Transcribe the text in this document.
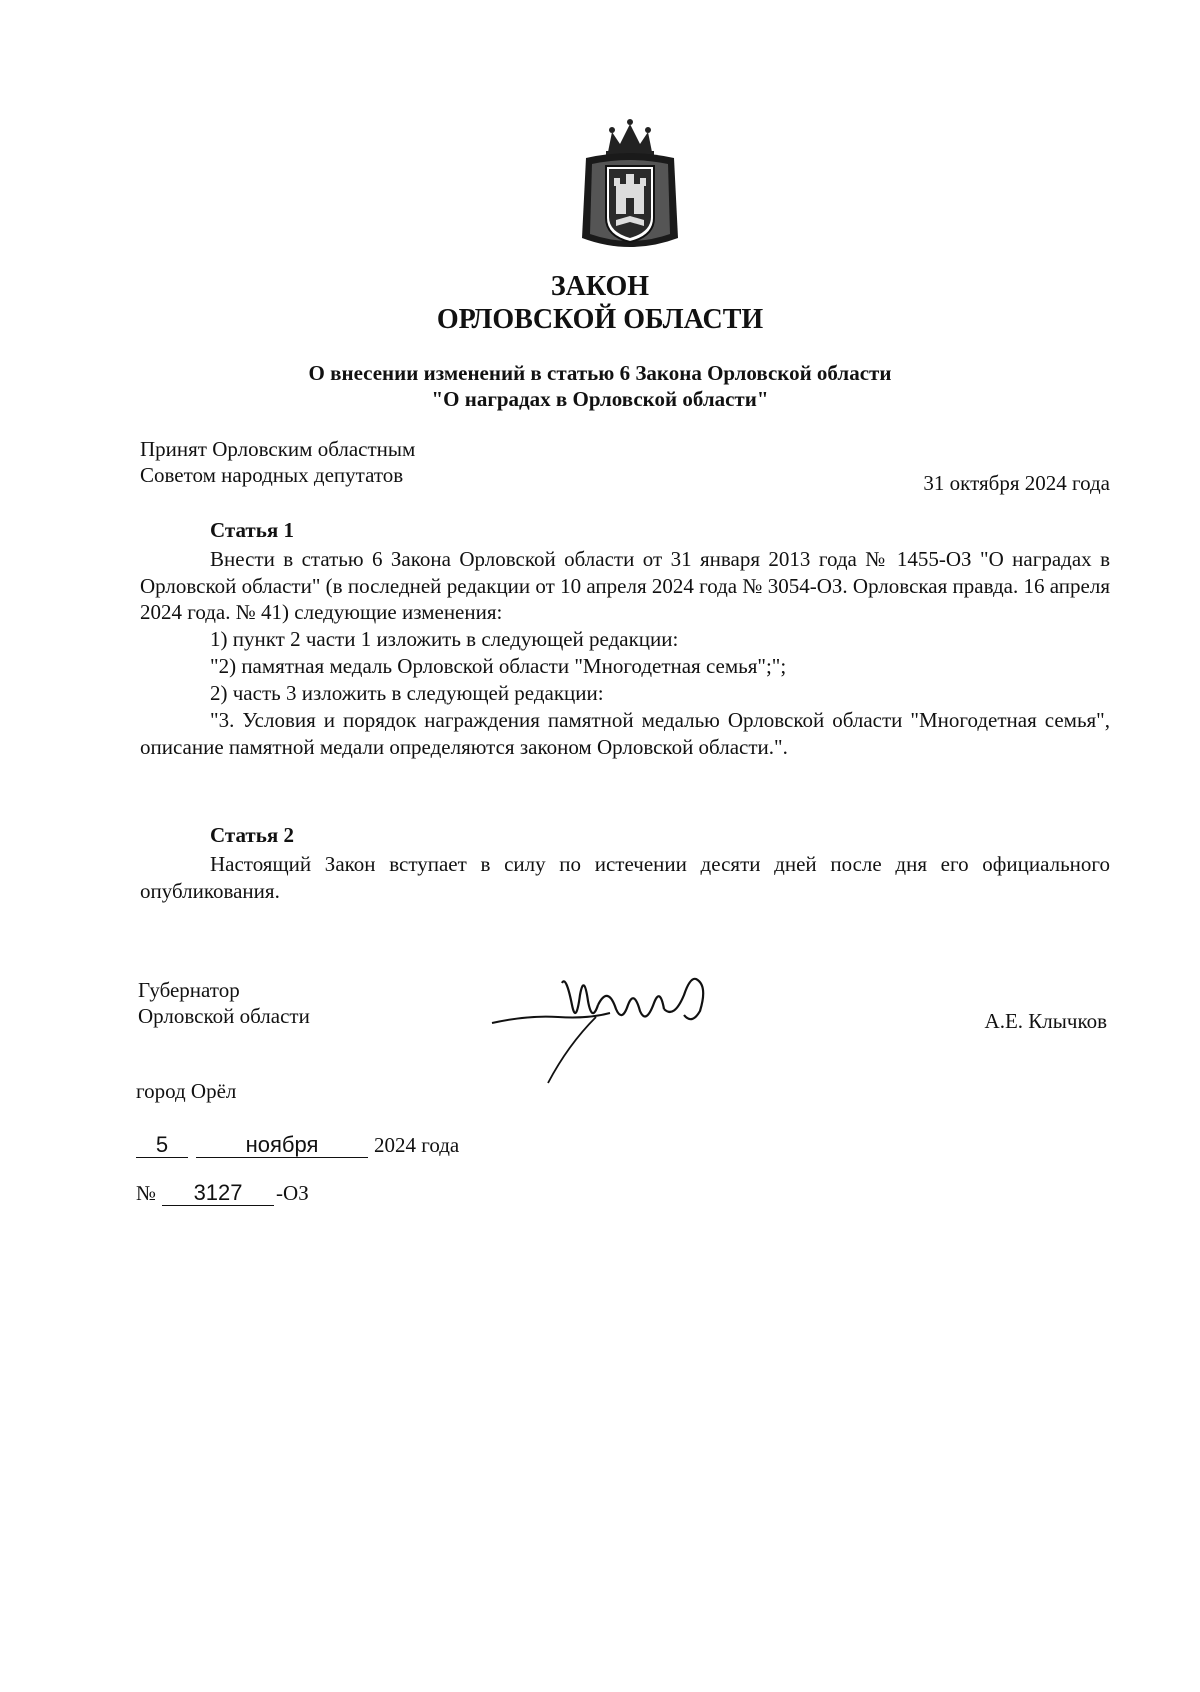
ЗАКОН
ОРЛОВСКОЙ ОБЛАСТИ
О внесении изменений в статью 6 Закона Орловской области
"О наградах в Орловской области"
Принят Орловским областным
Советом народных депутатов	31 октября 2024 года
Статья 1
Внести в статью 6 Закона Орловской области от 31 января 2013 года № 1455-ОЗ "О наградах в Орловской области" (в последней редакции от 10 апреля 2024 года № 3054-ОЗ. Орловская правда. 16 апреля 2024 года. № 41) следующие изменения:
1) пункт 2 части 1 изложить в следующей редакции:
"2) памятная медаль Орловской области "Многодетная семья";";
2) часть 3 изложить в следующей редакции:
"3. Условия и порядок награждения памятной медалью Орловской области "Многодетная семья", описание памятной медали определяются законом Орловской области.".
Статья 2
Настоящий Закон вступает в силу по истечении десяти дней после дня его официального опубликования.
Губернатор
Орловской области	А.Е. Клычков
город Орёл
5	ноября	2024 года
№ 3127 -ОЗ
